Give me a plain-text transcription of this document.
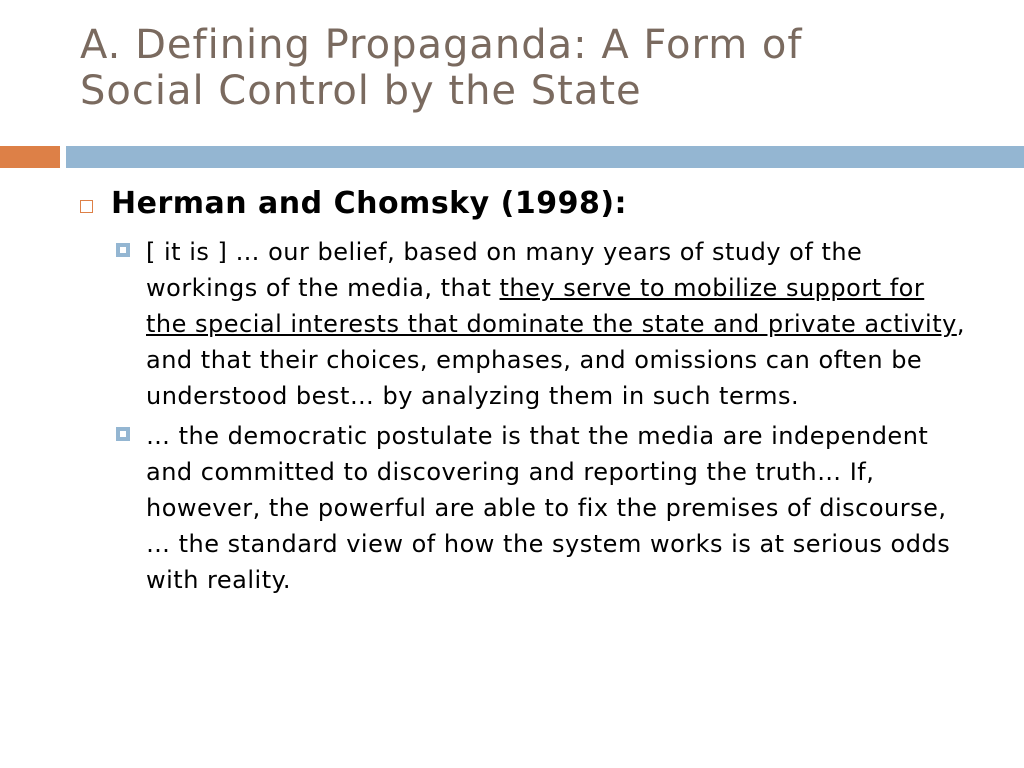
A. Defining Propaganda: A Form of
Social Control by the State
Herman and Chomsky (1998):
[ it is ] … our belief, based on many years of study of the workings of the media, that they serve to mobilize support for the special interests that dominate the state and private activity, and that their choices, emphases, and omissions can often be understood best… by analyzing them in such terms.
… the democratic postulate is that the media are independent and committed to discovering and reporting the truth… If, however, the powerful are able to fix the premises of discourse, … the standard view of how the system works is at serious odds with reality.
